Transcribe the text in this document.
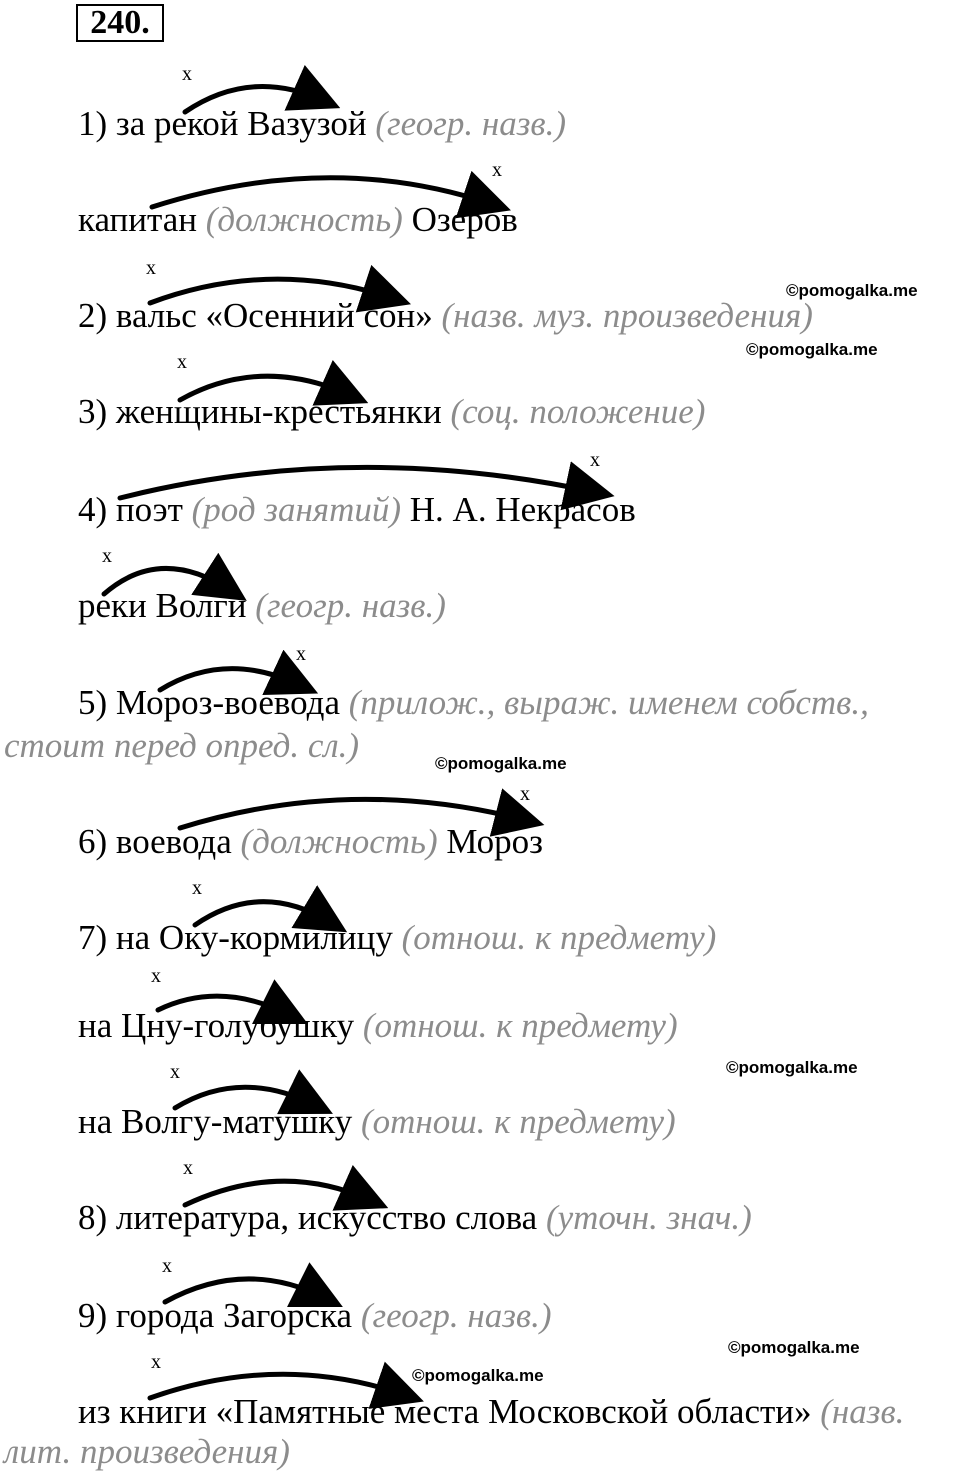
240.
x
x
x
x
x
x
x
x
x
x
x
x
x
x
1) за рекой Вазузой (геогр. назв.)
капитан (должность) Озеров
2) вальс «Осенний сон» (назв. муз. произведения)
3) женщины-крестьянки (соц. положение)
4) поэт (род занятий) Н. А. Некрасов
реки Волги (геогр. назв.)
5) Мороз-воевода (прилож., выраж. именем собств.,
стоит перед опред. сл.)
6) воевода (должность) Мороз
7) на Оку-кормилицу (отнош. к предмету)
на Цну-голубушку (отнош. к предмету)
на Волгу-матушку (отнош. к предмету)
8) литература, искусство слова (уточн. знач.)
9) города Загорска (геогр. назв.)
из книги «Памятные места Московской области» (назв.
лит. произведения)
©pomogalka.me
©pomogalka.me
©pomogalka.me
©pomogalka.me
©pomogalka.me
©pomogalka.me
